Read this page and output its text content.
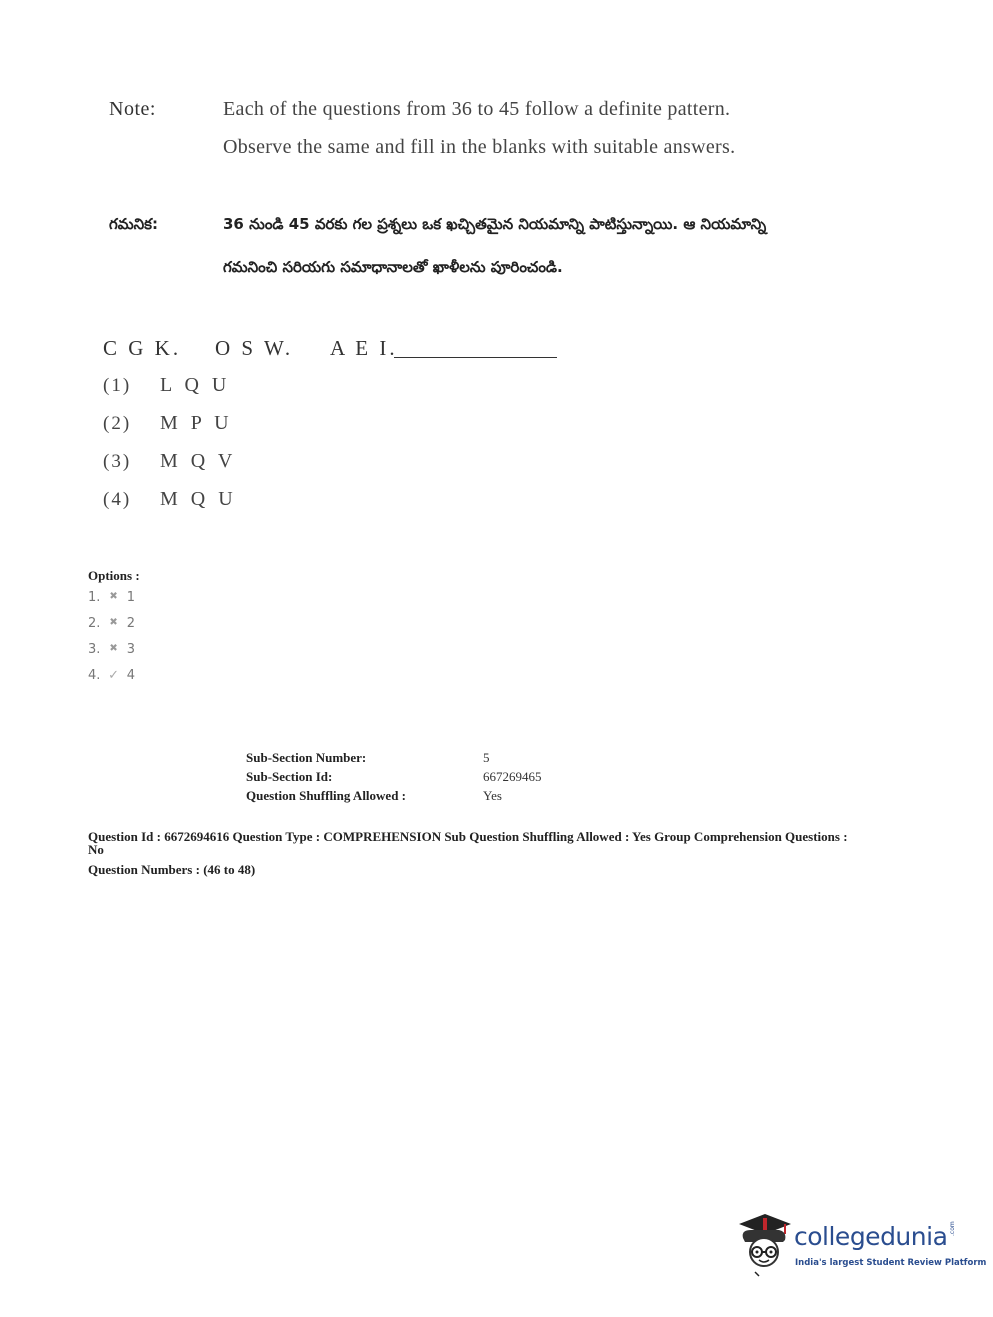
Note:	Each of the questions from 36 to 45 follow a definite pattern.
Observe the same and fill in the blanks with suitable answers.
గమనిక:	36 నుండి 45 వరకు గల ప్రశ్నలు ఒక ఖచ్చితమైన నియమాన్ని పాటిస్తున్నాయి. ఆ నియమాన్ని
గమనించి సరియగు సమాధానాలతో ఖాళీలను పూరించండి.
C G K. O S W. A E I.
(1) L Q U
(2) M P U
(3) M Q V
(4) M Q U
Options :
1. ✖ 1
2. ✖ 2
3. ✖ 3
4. ✓ 4
Sub-Section Number:	5
Sub-Section Id:	667269465
Question Shuffling Allowed :	Yes
Question Id : 6672694616 Question Type : COMPREHENSION Sub Question Shuffling Allowed : Yes Group Comprehension Questions : No
Question Numbers : (46 to 48)
collegedunia .com
India's largest Student Review Platform
